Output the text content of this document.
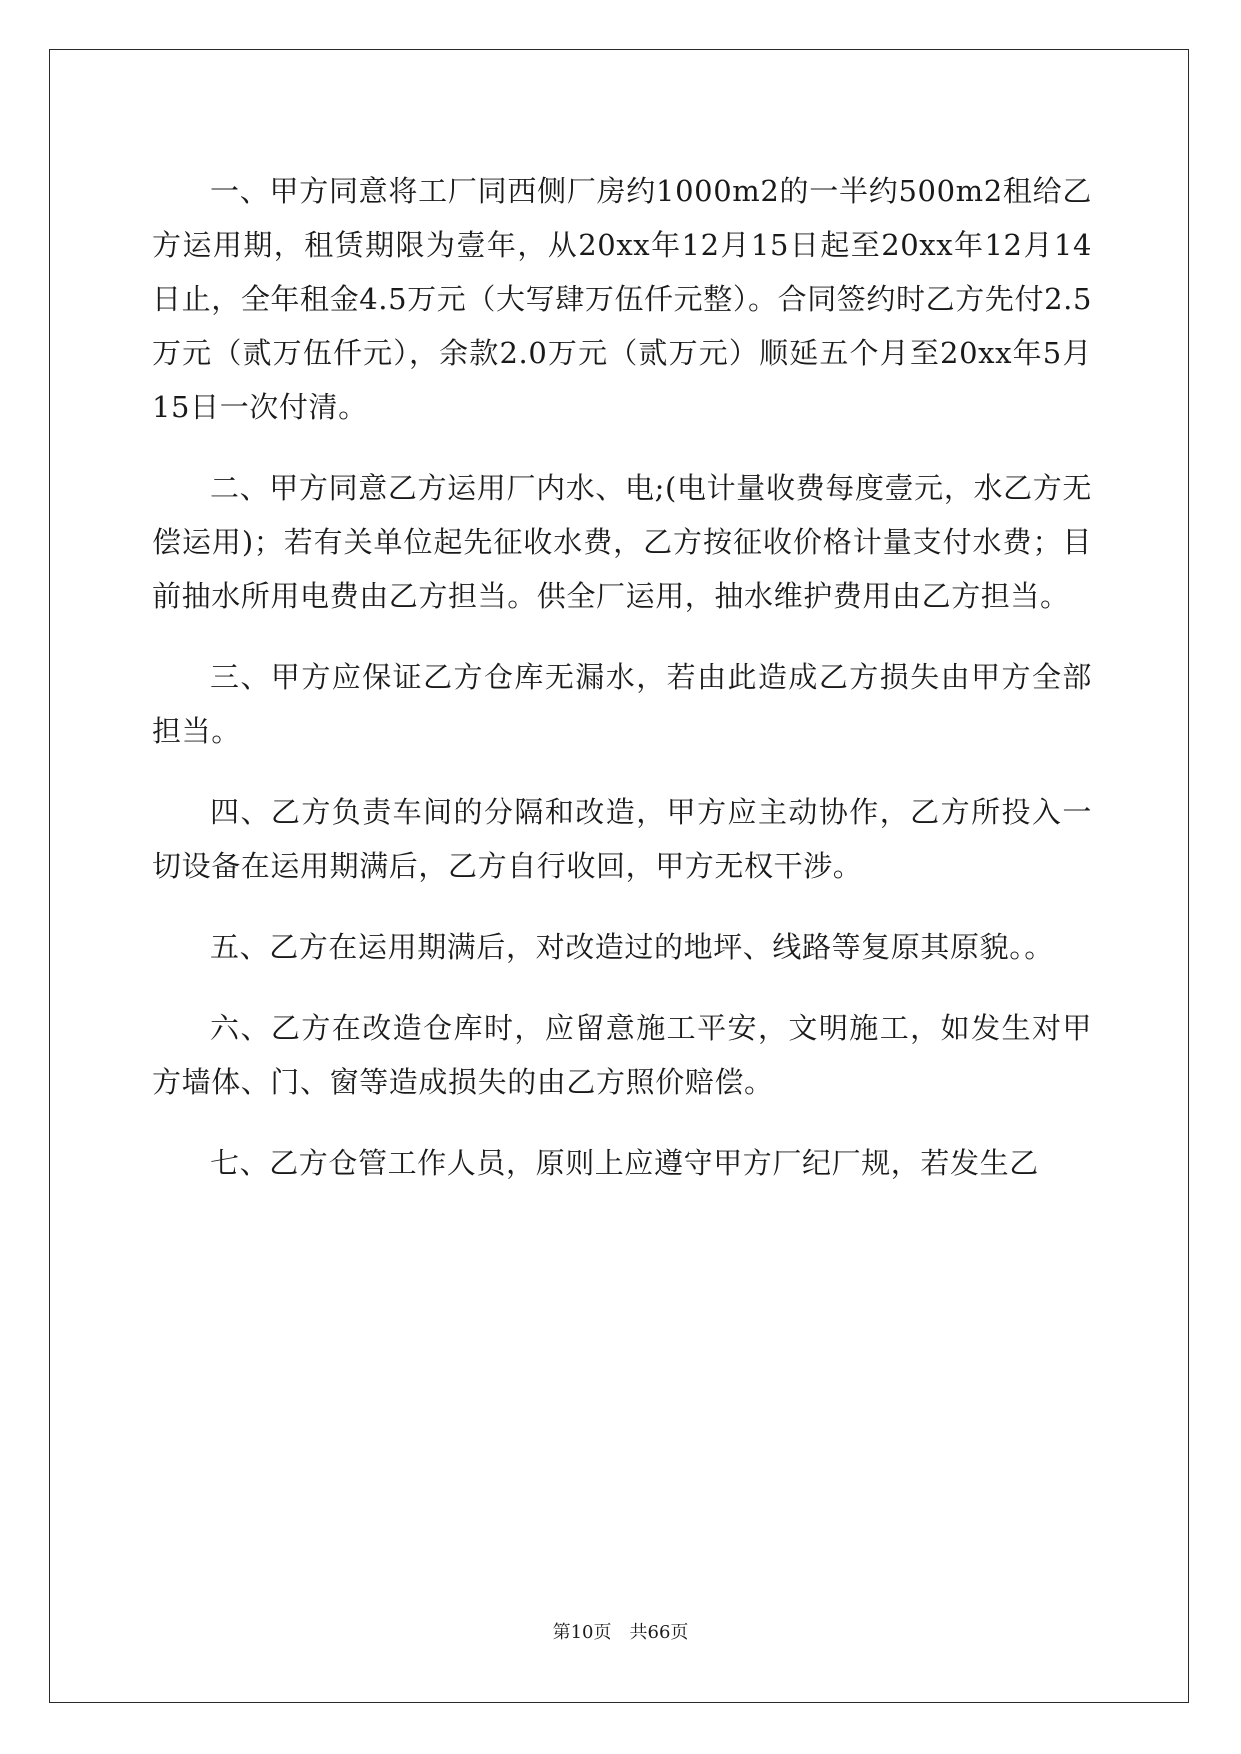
一、甲方同意将工厂同西侧厂房约1000m2的一半约500m2租给乙方运用期，租赁期限为壹年，从20xx年12月15日起至20xx年12月14日止，全年租金4.5万元（大写肆万伍仟元整）。合同签约时乙方先付2.5万元（贰万伍仟元），余款2.0万元（贰万元）顺延五个月至20xx年5月15日一次付清。

二、甲方同意乙方运用厂内水、电;(电计量收费每度壹元，水乙方无偿运用)；若有关单位起先征收水费，乙方按征收价格计量支付水费；目前抽水所用电费由乙方担当。供全厂运用，抽水维护费用由乙方担当。

三、甲方应保证乙方仓库无漏水，若由此造成乙方损失由甲方全部担当。

四、乙方负责车间的分隔和改造，甲方应主动协作，乙方所投入一切设备在运用期满后，乙方自行收回，甲方无权干涉。

五、乙方在运用期满后，对改造过的地坪、线路等复原其原貌。。

六、乙方在改造仓库时，应留意施工平安，文明施工，如发生对甲方墙体、门、窗等造成损失的由乙方照价赔偿。

七、乙方仓管工作人员，原则上应遵守甲方厂纪厂规，若发生乙

第10页 共66页
